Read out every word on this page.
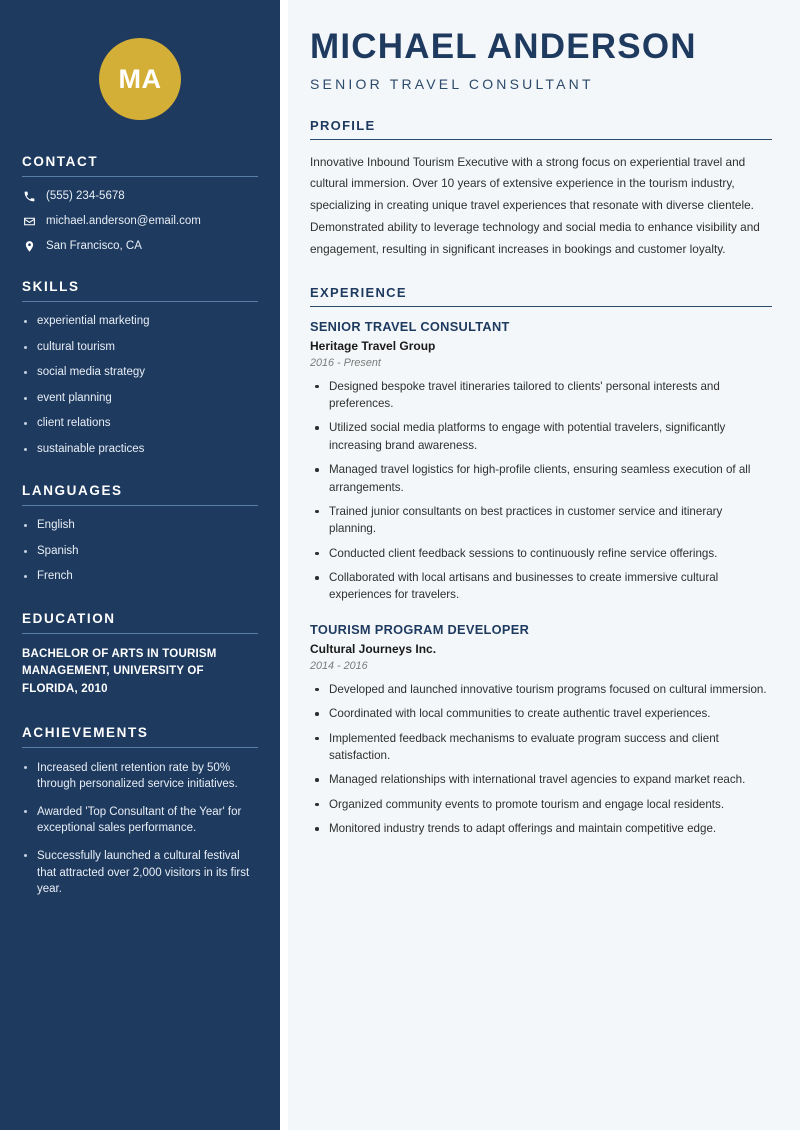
MA
CONTACT
(555) 234-5678
michael.anderson@email.com
San Francisco, CA
SKILLS
experiential marketing
cultural tourism
social media strategy
event planning
client relations
sustainable practices
LANGUAGES
English
Spanish
French
EDUCATION
BACHELOR OF ARTS IN TOURISM MANAGEMENT, UNIVERSITY OF FLORIDA, 2010
ACHIEVEMENTS
Increased client retention rate by 50% through personalized service initiatives.
Awarded 'Top Consultant of the Year' for exceptional sales performance.
Successfully launched a cultural festival that attracted over 2,000 visitors in its first year.
MICHAEL ANDERSON
SENIOR TRAVEL CONSULTANT
PROFILE

Innovative Inbound Tourism Executive with a strong focus on experiential travel and cultural immersion. Over 10 years of extensive experience in the tourism industry, specializing in creating unique travel experiences that resonate with diverse clientele. Demonstrated ability to leverage technology and social media to enhance visibility and engagement, resulting in significant increases in bookings and customer loyalty.

EXPERIENCE
SENIOR TRAVEL CONSULTANT
Heritage Travel Group
2016 - Present
Designed bespoke travel itineraries tailored to clients' personal interests and preferences.
Utilized social media platforms to engage with potential travelers, significantly increasing brand awareness.
Managed travel logistics for high-profile clients, ensuring seamless execution of all arrangements.
Trained junior consultants on best practices in customer service and itinerary planning.
Conducted client feedback sessions to continuously refine service offerings.
Collaborated with local artisans and businesses to create immersive cultural experiences for travelers.
TOURISM PROGRAM DEVELOPER
Cultural Journeys Inc.
2014 - 2016
Developed and launched innovative tourism programs focused on cultural immersion.
Coordinated with local communities to create authentic travel experiences.
Implemented feedback mechanisms to evaluate program success and client satisfaction.
Managed relationships with international travel agencies to expand market reach.
Organized community events to promote tourism and engage local residents.
Monitored industry trends to adapt offerings and maintain competitive edge.
